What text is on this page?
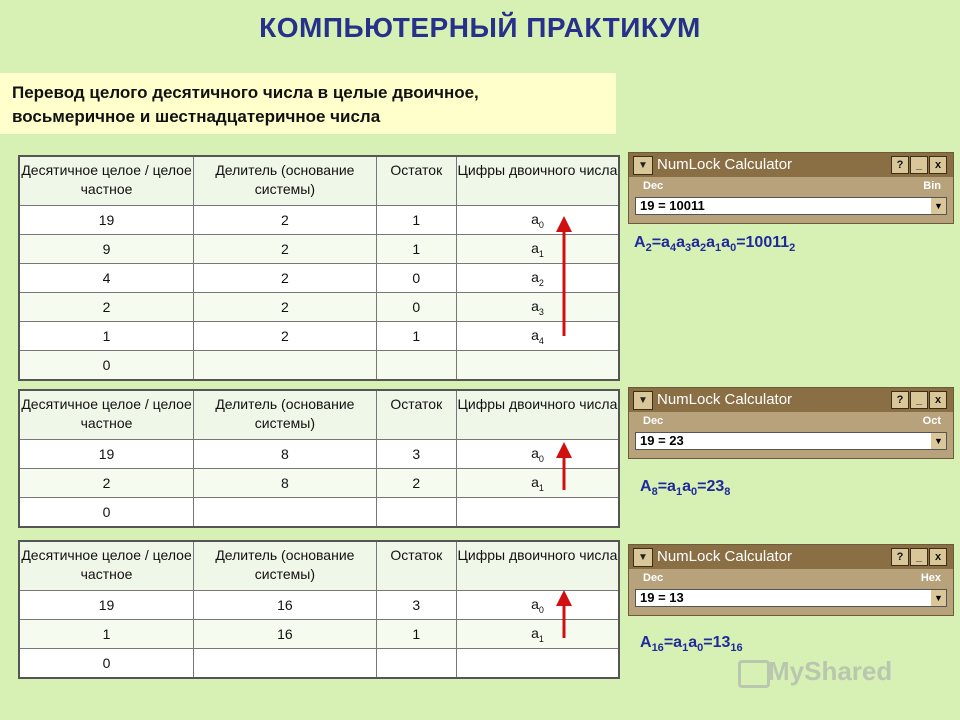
КОМПЬЮТЕРНЫЙ ПРАКТИКУМ
Перевод целого десятичного числа в целые двоичное, восьмеричное и шестнадцатеричное числа
Десятичное целое / целое частное	Делитель (основание системы)	Остаток	Цифры двоичного числа
19	2	1	$a_0$
9	2	1	$a_1$
4	2	0	$a_2$
2	2	0	$a_3$
1	2	1	$a_4$
0			
Десятичное целое / целое частное	Делитель (основание системы)	Остаток	Цифры двоичного числа
19	8	3	$a_0$
2	8	2	$a_1$
0			
Десятичное целое / целое частное	Делитель (основание системы)	Остаток	Цифры двоичного числа
19	16	3	$a_0$
1	16	1	$a_1$
0			
▼ NumLock Calculator	?	_	x
Dec	Bin
19 = 10011	▼
▼ NumLock Calculator	?	_	x
Dec	Oct
19 = 23	▼
▼ NumLock Calculator	?	_	x
Dec	Hex
19 = 13	▼
$A_2=a_4a_3a_2a_1a_0=10011_2$
$A_8=a_1a_0=23_8$
$A_{16}=a_1a_0=13_{16}$
MyShared
